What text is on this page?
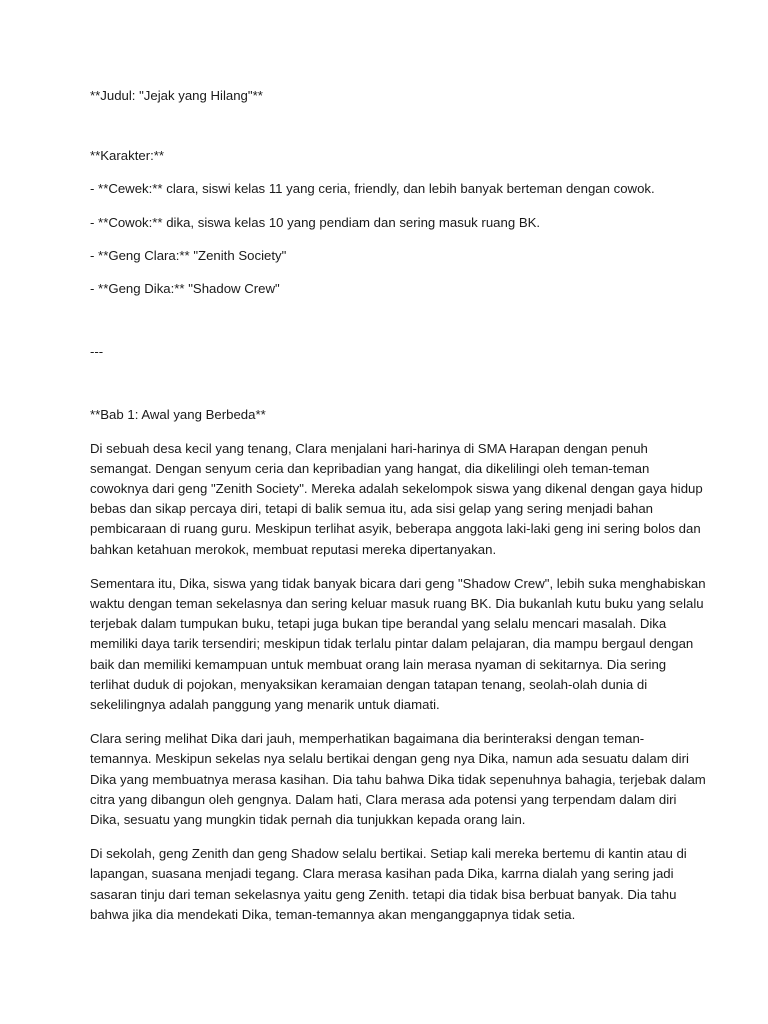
**Judul: "Jejak yang Hilang"**

**Karakter:**

- **Cewek:** clara, siswi kelas 11 yang ceria, friendly, dan lebih banyak berteman dengan cowok.

- **Cowok:** dika, siswa kelas 10 yang pendiam dan sering masuk ruang BK.

- **Geng Clara:** "Zenith Society"

- **Geng Dika:** "Shadow Crew"

---

**Bab 1: Awal yang Berbeda**

Di sebuah desa kecil yang tenang, Clara menjalani hari-harinya di SMA Harapan dengan penuh
semangat. Dengan senyum ceria dan kepribadian yang hangat, dia dikelilingi oleh teman-teman
cowoknya dari geng "Zenith Society". Mereka adalah sekelompok siswa yang dikenal dengan gaya hidup
bebas dan sikap percaya diri, tetapi di balik semua itu, ada sisi gelap yang sering menjadi bahan
pembicaraan di ruang guru. Meskipun terlihat asyik, beberapa anggota laki-laki geng ini sering bolos dan
bahkan ketahuan merokok, membuat reputasi mereka dipertanyakan.
Sementara itu, Dika, siswa yang tidak banyak bicara dari geng "Shadow Crew", lebih suka menghabiskan
waktu dengan teman sekelasnya dan sering keluar masuk ruang BK. Dia bukanlah kutu buku yang selalu
terjebak dalam tumpukan buku, tetapi juga bukan tipe berandal yang selalu mencari masalah. Dika
memiliki daya tarik tersendiri; meskipun tidak terlalu pintar dalam pelajaran, dia mampu bergaul dengan
baik dan memiliki kemampuan untuk membuat orang lain merasa nyaman di sekitarnya. Dia sering
terlihat duduk di pojokan, menyaksikan keramaian dengan tatapan tenang, seolah-olah dunia di
sekelilingnya adalah panggung yang menarik untuk diamati.
Clara sering melihat Dika dari jauh, memperhatikan bagaimana dia berinteraksi dengan teman-
temannya. Meskipun sekelas nya selalu bertikai dengan geng nya Dika, namun ada sesuatu dalam diri
Dika yang membuatnya merasa kasihan. Dia tahu bahwa Dika tidak sepenuhnya bahagia, terjebak dalam
citra yang dibangun oleh gengnya. Dalam hati, Clara merasa ada potensi yang terpendam dalam diri
Dika, sesuatu yang mungkin tidak pernah dia tunjukkan kepada orang lain.
Di sekolah, geng Zenith dan geng Shadow selalu bertikai. Setiap kali mereka bertemu di kantin atau di
lapangan, suasana menjadi tegang. Clara merasa kasihan pada Dika, karrna dialah yang sering jadi
sasaran tinju dari teman sekelasnya yaitu geng Zenith. tetapi dia tidak bisa berbuat banyak. Dia tahu
bahwa jika dia mendekati Dika, teman-temannya akan menganggapnya tidak setia.
